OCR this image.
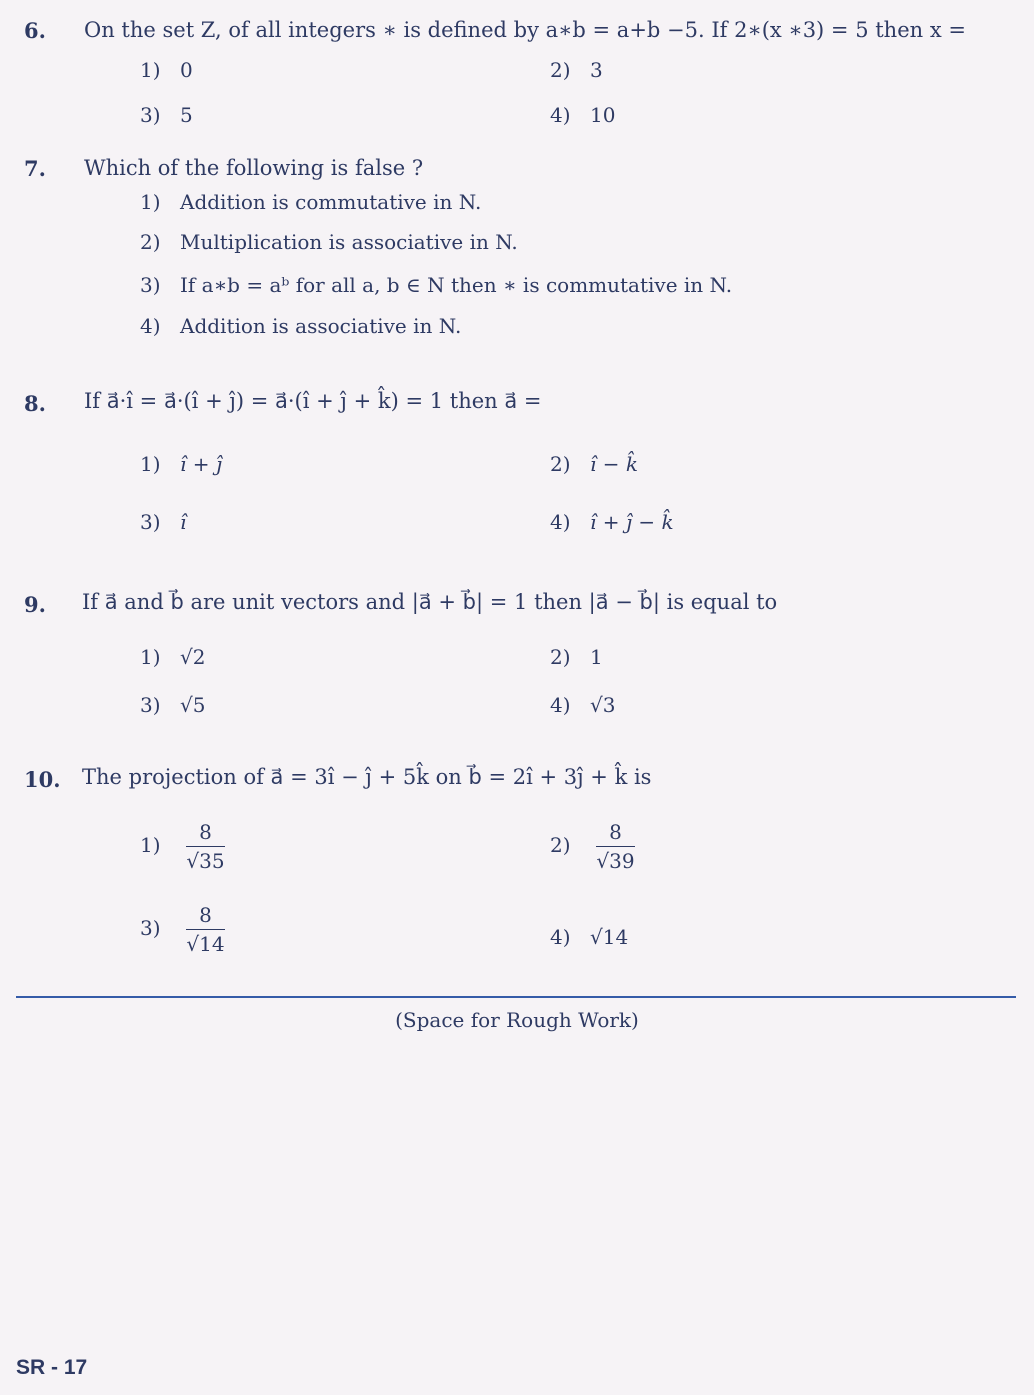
6. On the set Z, of all integers ∗ is defined by a∗b = a+b −5. If 2∗(x ∗3) = 5 then x =
1) 0	2) 3
3) 5	4) 10
7. Which of the following is false ?
1) Addition is commutative in N.
2) Multiplication is associative in N.
3) If a∗b = aᵇ for all a, b ∈ N then ∗ is commutative in N.
4) Addition is associative in N.
8. If a⃗·î = a⃗·(î + ĵ) = a⃗·(î + ĵ + k̂) = 1 then a⃗ =
1) î + ĵ	2) î − k̂
3) î	4) î + ĵ − k̂
9. If a⃗ and b⃗ are unit vectors and |a⃗ + b⃗| = 1 then |a⃗ − b⃗| is equal to
1) √2	2) 1
3) √5	4) √3
10. The projection of a⃗ = 3î − ĵ + 5k̂ on b⃗ = 2î + 3ĵ + k̂ is
$1) \frac{8}{√35}$	$2) \frac{8}{√39}$
$3) \frac{8}{√14}$	4) √14
(Space for Rough Work)
SR - 17
